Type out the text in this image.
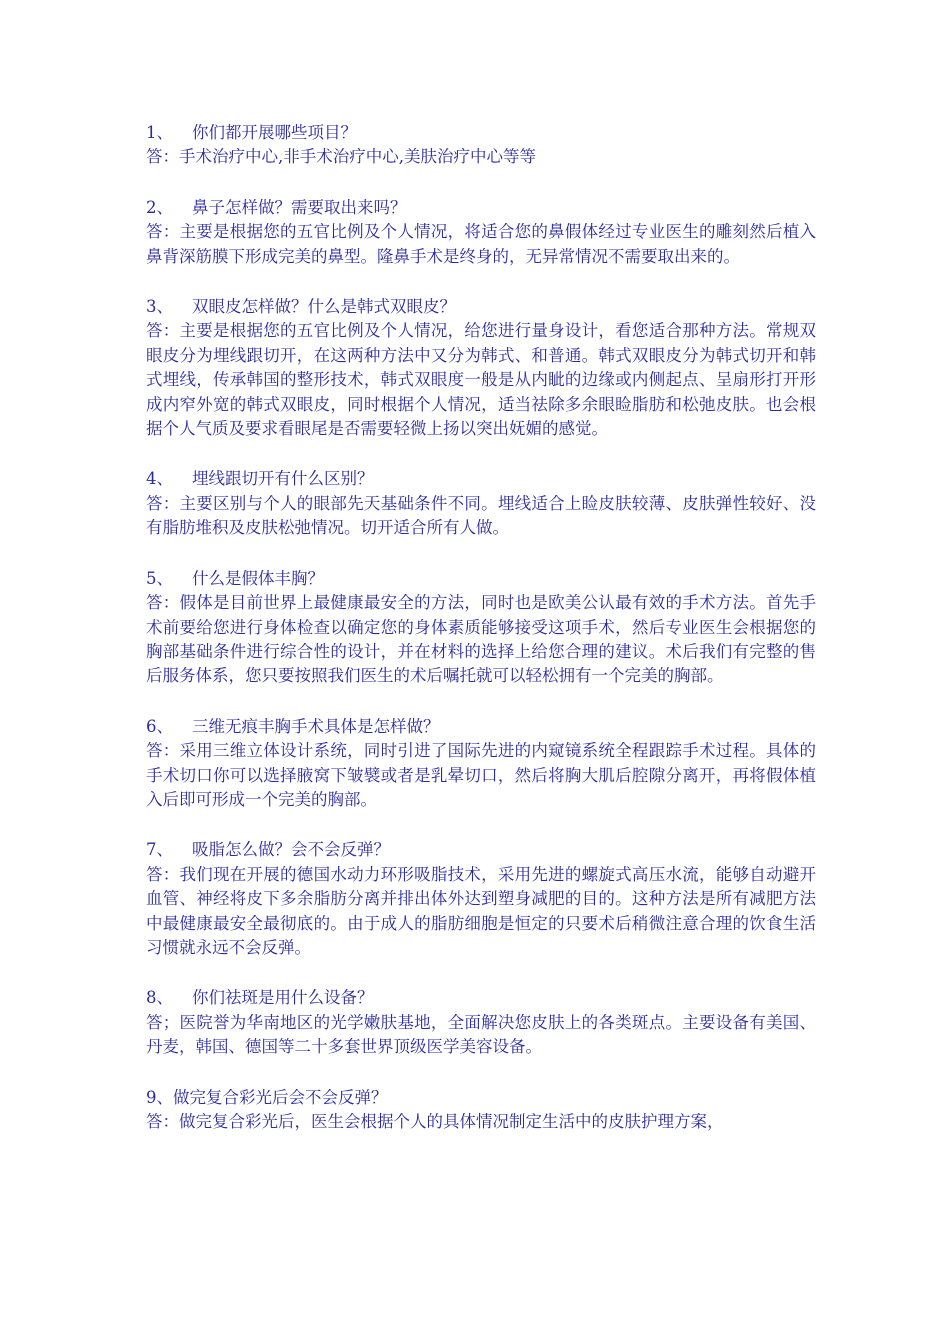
1、 你们都开展哪些项目？

答：手术治疗中心,非手术治疗中心,美肤治疗中心等等

2、 鼻子怎样做？需要取出来吗？

答：主要是根据您的五官比例及个人情况，将适合您的鼻假体经过专业医生的雕刻然后植入鼻背深筋膜下形成完美的鼻型。隆鼻手术是终身的，无异常情况不需要取出来的。

3、 双眼皮怎样做？什么是韩式双眼皮？

答：主要是根据您的五官比例及个人情况，给您进行量身设计，看您适合那种方法。常规双眼皮分为埋线跟切开，在这两种方法中又分为韩式、和普通。韩式双眼皮分为韩式切开和韩式埋线，传承韩国的整形技术，韩式双眼度一般是从内眦的边缘或内侧起点、呈扇形打开形成内窄外宽的韩式双眼皮，同时根据个人情况，适当祛除多余眼睑脂肪和松弛皮肤。也会根据个人气质及要求看眼尾是否需要轻微上扬以突出妩媚的感觉。

4、 埋线跟切开有什么区别？

答：主要区别与个人的眼部先天基础条件不同。埋线适合上睑皮肤较薄、皮肤弹性较好、没有脂肪堆积及皮肤松弛情况。切开适合所有人做。

5、 什么是假体丰胸？

答：假体是目前世界上最健康最安全的方法，同时也是欧美公认最有效的手术方法。首先手术前要给您进行身体检查以确定您的身体素质能够接受这项手术，然后专业医生会根据您的胸部基础条件进行综合性的设计，并在材料的选择上给您合理的建议。术后我们有完整的售后服务体系，您只要按照我们医生的术后嘱托就可以轻松拥有一个完美的胸部。

6、 三维无痕丰胸手术具体是怎样做？

答：采用三维立体设计系统，同时引进了国际先进的内窥镜系统全程跟踪手术过程。具体的手术切口你可以选择腋窝下皱襞或者是乳晕切口，然后将胸大肌后腔隙分离开，再将假体植入后即可形成一个完美的胸部。

7、 吸脂怎么做？会不会反弹？

答：我们现在开展的德国水动力环形吸脂技术，采用先进的螺旋式高压水流，能够自动避开血管、神经将皮下多余脂肪分离并排出体外达到塑身减肥的目的。这种方法是所有减肥方法中最健康最安全最彻底的。由于成人的脂肪细胞是恒定的只要术后稍微注意合理的饮食生活习惯就永远不会反弹。

8、 你们祛斑是用什么设备？

答；医院誉为华南地区的光学嫩肤基地，全面解决您皮肤上的各类斑点。主要设备有美国、丹麦，韩国、德国等二十多套世界顶级医学美容设备。

9、做完复合彩光后会不会反弹？

答：做完复合彩光后，医生会根据个人的具体情况制定生活中的皮肤护理方案，
